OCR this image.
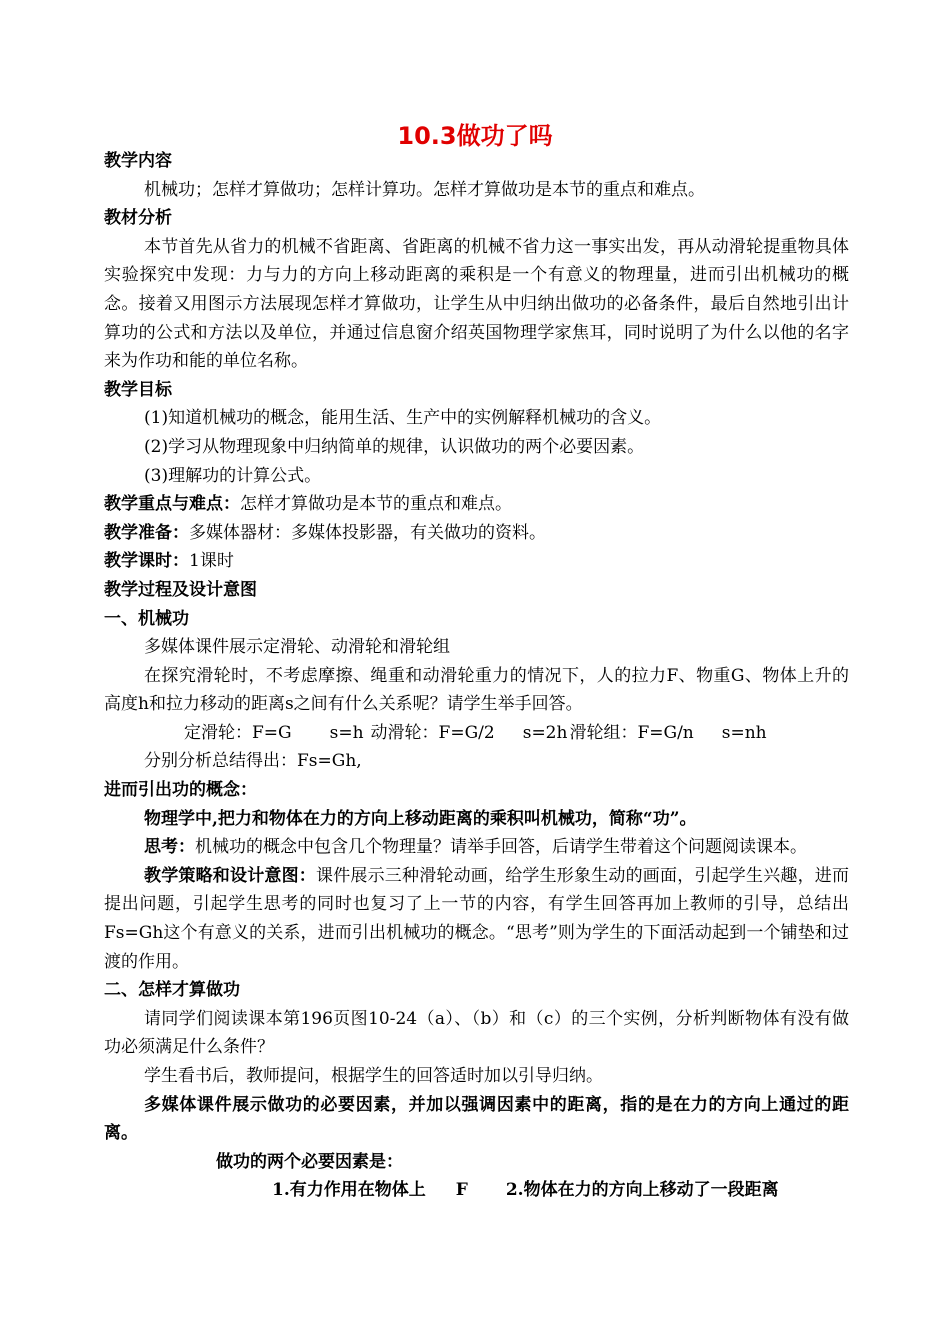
10.3做功了吗
教学内容
机械功；怎样才算做功；怎样计算功。怎样才算做功是本节的重点和难点。
教材分析
本节首先从省力的机械不省距离、省距离的机械不省力这一事实出发，再从动滑轮提重物具体实验探究中发现：力与力的方向上移动距离的乘积是一个有意义的物理量，进而引出机械功的概念。接着又用图示方法展现怎样才算做功，让学生从中归纳出做功的必备条件，最后自然地引出计算功的公式和方法以及单位，并通过信息窗介绍英国物理学家焦耳，同时说明了为什么以他的名字来为作功和能的单位名称。
教学目标
(1)知道机械功的概念，能用生活、生产中的实例解释机械功的含义。
(2)学习从物理现象中归纳简单的规律，认识做功的两个必要因素。
(3)理解功的计算公式。
教学重点与难点：怎样才算做功是本节的重点和难点。
教学准备：多媒体器材：多媒体投影器，有关做功的资料。
教学课时：1课时
教学过程及设计意图
一、机械功
多媒体课件展示定滑轮、动滑轮和滑轮组
在探究滑轮时，不考虑摩擦、绳重和动滑轮重力的情况下，人的拉力F、物重G、物体上升的高度h和拉力移动的距离s之间有什么关系呢？请学生举手回答。
定滑轮：F=G s=h 动滑轮：F=G/2 s=2h 滑轮组：F=G/n s=nh
分别分析总结得出：Fs=Gh,
进而引出功的概念：
物理学中,把力和物体在力的方向上移动距离的乘积叫机械功，简称“功”。
思考：机械功的概念中包含几个物理量？请举手回答，后请学生带着这个问题阅读课本。
教学策略和设计意图：课件展示三种滑轮动画，给学生形象生动的画面，引起学生兴趣，进而提出问题，引起学生思考的同时也复习了上一节的内容，有学生回答再加上教师的引导，总结出Fs=Gh这个有意义的关系，进而引出机械功的概念。“思考”则为学生的下面活动起到一个铺垫和过渡的作用。
二、怎样才算做功
请同学们阅读课本第196页图10-24（a）、（b）和（c）的三个实例，分析判断物体有没有做功必须满足什么条件？
学生看书后，教师提问，根据学生的回答适时加以引导归纳。
多媒体课件展示做功的必要因素，并加以强调因素中的距离，指的是在力的方向上通过的距离。
做功的两个必要因素是：
1.有力作用在物体上 F 2.物体在力的方向上移动了一段距离
